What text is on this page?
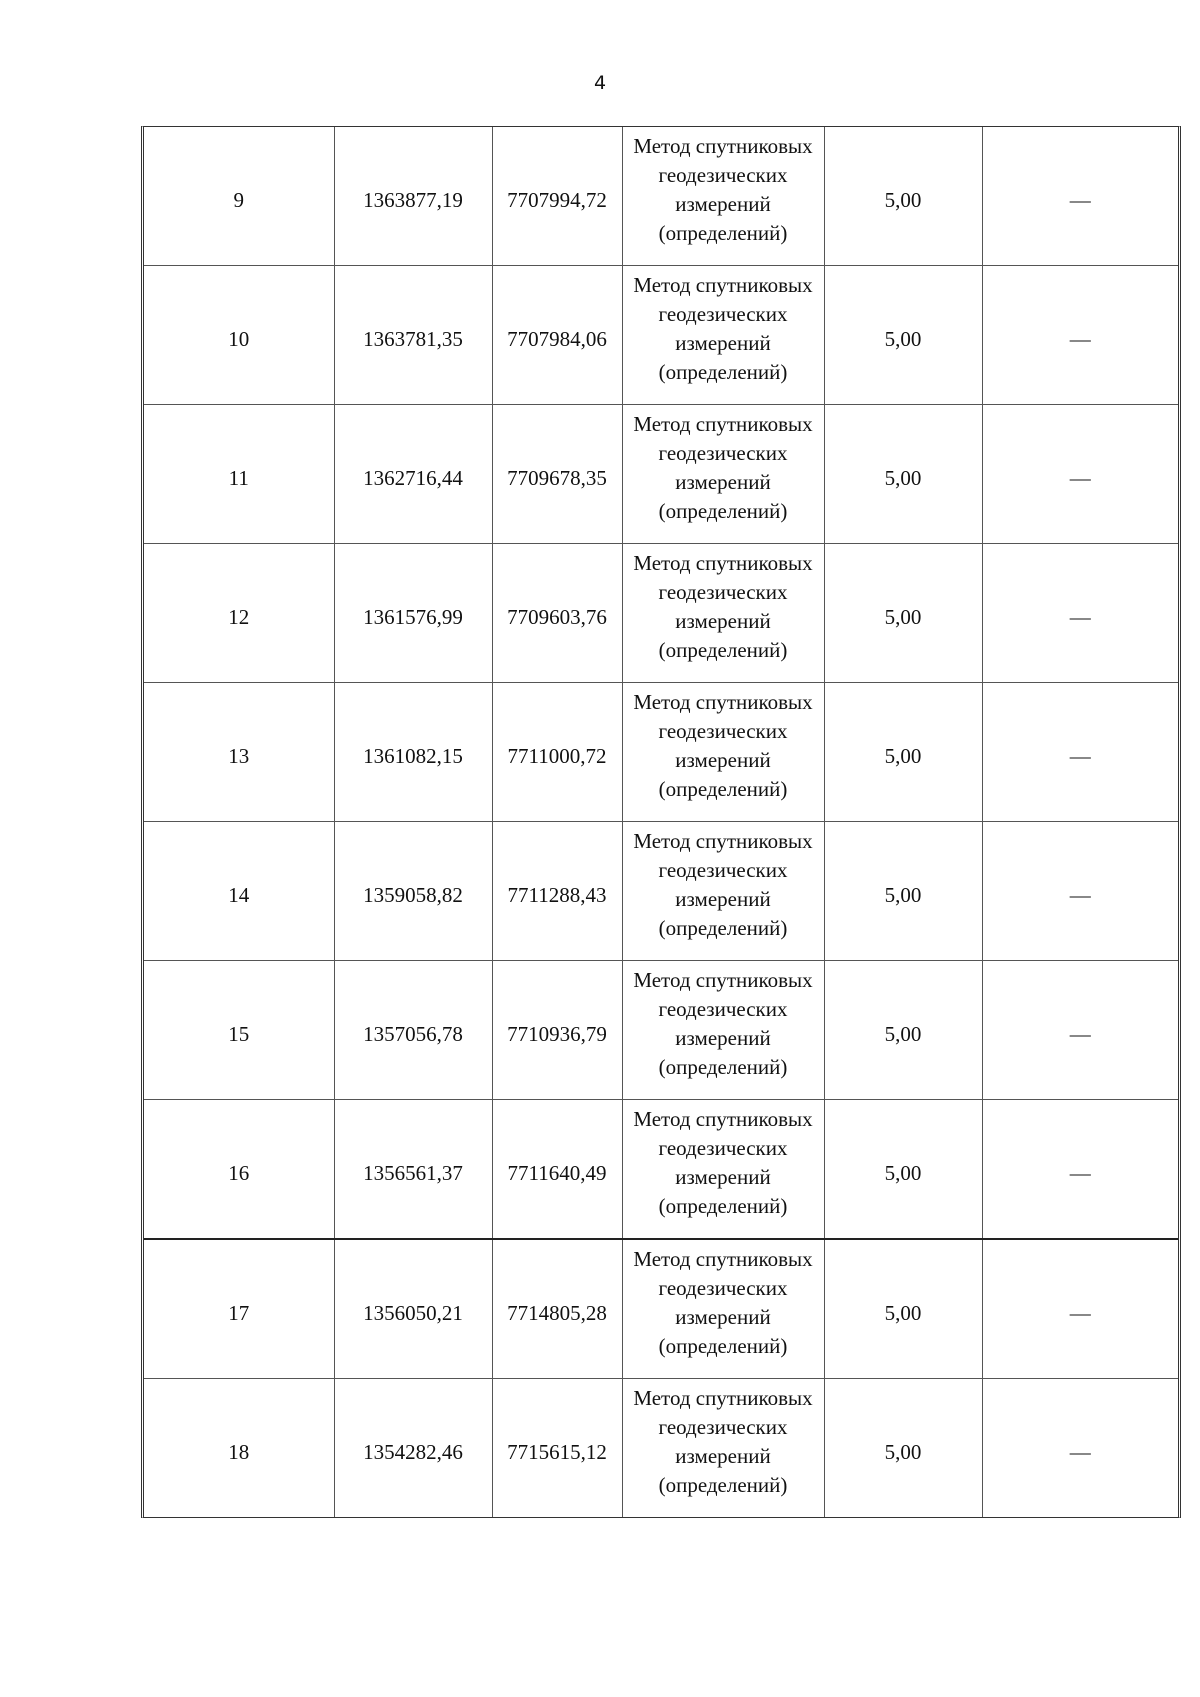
4
9	1363877,19	7707994,72	Метод спутниковых геодезических измерений (определений)	5,00	—

10	1363781,35	7707984,06	Метод спутниковых геодезических измерений (определений)	5,00	—

11	1362716,44	7709678,35	Метод спутниковых геодезических измерений (определений)	5,00	—

12	1361576,99	7709603,76	Метод спутниковых геодезических измерений (определений)	5,00	—

13	1361082,15	7711000,72	Метод спутниковых геодезических измерений (определений)	5,00	—

14	1359058,82	7711288,43	Метод спутниковых геодезических измерений (определений)	5,00	—

15	1357056,78	7710936,79	Метод спутниковых геодезических измерений (определений)	5,00	—

16	1356561,37	7711640,49	Метод спутниковых геодезических измерений (определений)	5,00	—

17	1356050,21	7714805,28	Метод спутниковых геодезических измерений (определений)	5,00	—

18	1354282,46	7715615,12	Метод спутниковых геодезических измерений (определений)	5,00	—
